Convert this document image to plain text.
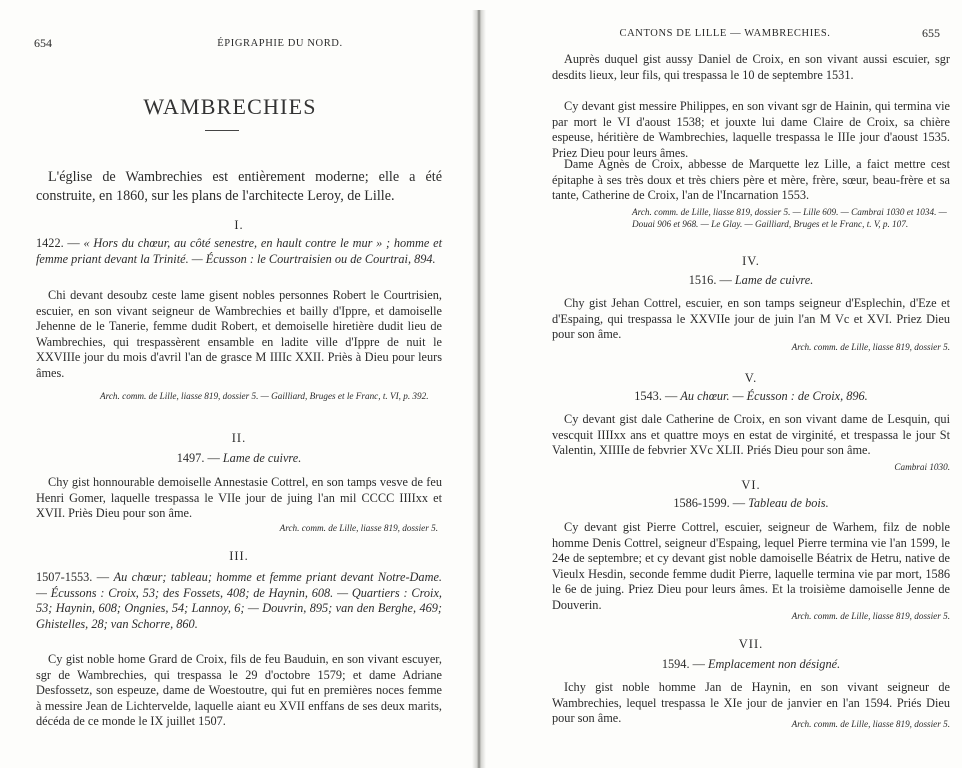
654	ÉPIGRAPHIE DU NORD.
WAMBRECHIES

L'église de Wambrechies est entièrement moderne; elle a été construite, en 1860, sur les plans de l'architecte Leroy, de Lille.

I.

1422. — « Hors du chœur, au côté senestre, en hault contre le mur » ; homme et femme priant devant la Trinité. — Écusson : le Courtraisien ou de Courtrai, 894.

Chi devant desoubz ceste lame gisent nobles personnes Robert le Courtrisien, escuier, en son vivant seigneur de Wambrechies et bailly d'Ippre, et damoiselle Jehenne de le Tanerie, femme dudit Robert, et demoiselle hiretière dudit lieu de Wambrechies, qui trespassèrent ensamble en ladite ville d'Ippre de nuit le XXVIIIe jour du mois d'avril l'an de grasce M IIIIc XXII. Priès à Dieu pour leurs âmes.

Arch. comm. de Lille, liasse 819, dossier 5. — Gailliard, Bruges et le Franc, t. VI, p. 392.

II.

1497. — Lame de cuivre.

Chy gist honnourable demoiselle Annestasie Cottrel, en son tamps vesve de feu Henri Gomer, laquelle trespassa le VIIe jour de juing l'an mil CCCC IIIIxx et XVII. Priès Dieu pour son âme.

Arch. comm. de Lille, liasse 819, dossier 5.

III.

1507-1553. — Au chœur; tableau; homme et femme priant devant Notre-Dame. — Écussons : Croix, 53; des Fossets, 408; de Haynin, 608. — Quartiers : Croix, 53; Haynin, 608; Ongnies, 54; Lannoy, 6; — Douvrin, 895; van den Berghe, 469; Ghistelles, 28; van Schorre, 860.

Cy gist noble home Grard de Croix, fils de feu Bauduin, en son vivant escuyer, sgr de Wambrechies, qui trespassa le 29 d'octobre 1579; et dame Adriane Desfossetz, son espeuze, dame de Woestoutre, qui fut en premières noces femme à messire Jean de Lichtervelde, laquelle aiant eu XVII enffans de ses deux marits, décéda de ce monde le IX juillet 1507.

CANTONS DE LILLE — WAMBRECHIES.	655

Auprès duquel gist aussy Daniel de Croix, en son vivant aussi escuier, sgr desdits lieux, leur fils, qui trespassa le 10 de septembre 1531.

Cy devant gist messire Philippes, en son vivant sgr de Hainin, qui termina vie par mort le VI d'aoust 1538; et jouxte lui dame Claire de Croix, sa chière espeuse, héritière de Wambrechies, laquelle trespassa le IIIe jour d'aoust 1535. Priez Dieu pour leurs âmes.

Dame Agnès de Croix, abbesse de Marquette lez Lille, a faict mettre cest épitaphe à ses très doux et très chiers père et mère, frère, sœur, beau-frère et sa tante, Catherine de Croix, l'an de l'Incarnation 1553.

Arch. comm. de Lille, liasse 819, dossier 5. — Lille 609. — Cambrai 1030 et 1034. — Douai 906 et 968. — Le Glay. — Gailliard, Bruges et le Franc, t. V, p. 107.

IV.

1516. — Lame de cuivre.

Chy gist Jehan Cottrel, escuier, en son tamps seigneur d'Esplechin, d'Eze et d'Espaing, qui trespassa le XXVIIe jour de juin l'an M Vc et XVI. Priez Dieu pour son âme.

Arch. comm. de Lille, liasse 819, dossier 5.

V.

1543. — Au chœur. — Écusson : de Croix, 896.

Cy devant gist dale Catherine de Croix, en son vivant dame de Lesquin, qui vescquit IIIIxx ans et quattre moys en estat de virginité, et trespassa le jour St Valentin, XIIIIe de febvrier XVc XLII. Priés Dieu pour son âme.

Cambrai 1030.

VI.

1586-1599. — Tableau de bois.

Cy devant gist Pierre Cottrel, escuier, seigneur de Warhem, filz de noble homme Denis Cottrel, seigneur d'Espaing, lequel Pierre termina vie l'an 1599, le 24e de septembre; et cy devant gist noble damoiselle Béatrix de Hetru, native de Vieulx Hesdin, seconde femme dudit Pierre, laquelle termina vie par mort, 1586 le 6e de juing. Priez Dieu pour leurs âmes. Et la troisième damoiselle Jenne de Douverin.

Arch. comm. de Lille, liasse 819, dossier 5.

VII.

1594. — Emplacement non désigné.

Ichy gist noble homme Jan de Haynin, en son vivant seigneur de Wambrechies, lequel trespassa le XIe jour de janvier en l'an 1594. Priés Dieu pour son âme.	Arch. comm. de Lille, liasse 819, dossier 5.
